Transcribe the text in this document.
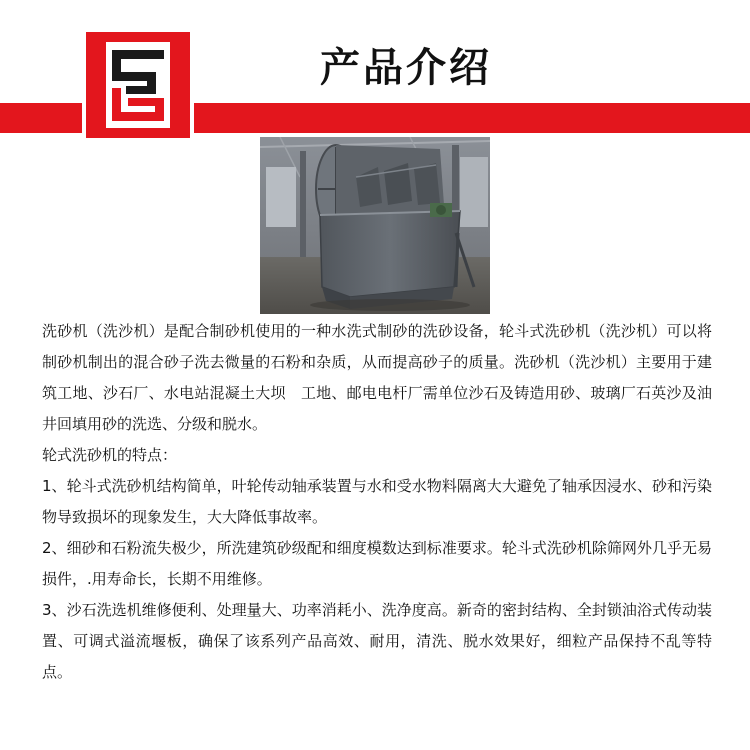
产品介绍

洗砂机（洗沙机）是配合制砂机使用的一种水洗式制砂的洗砂设备，轮斗式洗砂机（洗沙机）可以将制砂机制出的混合砂子洗去微量的石粉和杂质，从而提高砂子的质量。洗砂机（洗沙机）主要用于建筑工地、沙石厂、水电站混凝土大坝　工地、邮电电杆厂需单位沙石及铸造用砂、玻璃厂石英沙及油井回填用砂的洗选、分级和脱水。

轮式洗砂机的特点：

1、轮斗式洗砂机结构简单，叶轮传动轴承装置与水和受水物料隔离大大避免了轴承因浸水、砂和污染物导致损坏的现象发生，大大降低事故率。

2、细砂和石粉流失极少，所洗建筑砂级配和细度模数达到标准要求。轮斗式洗砂机除筛网外几乎无易损件，.用寿命长，长期不用维修。

3、沙石洗选机维修便利、处理量大、功率消耗小、洗净度高。新奇的密封结构、全封锁油浴式传动装置、可调式溢流堰板，确保了该系列产品高效、耐用，清洗、脱水效果好，细粒产品保持不乱等特点。
